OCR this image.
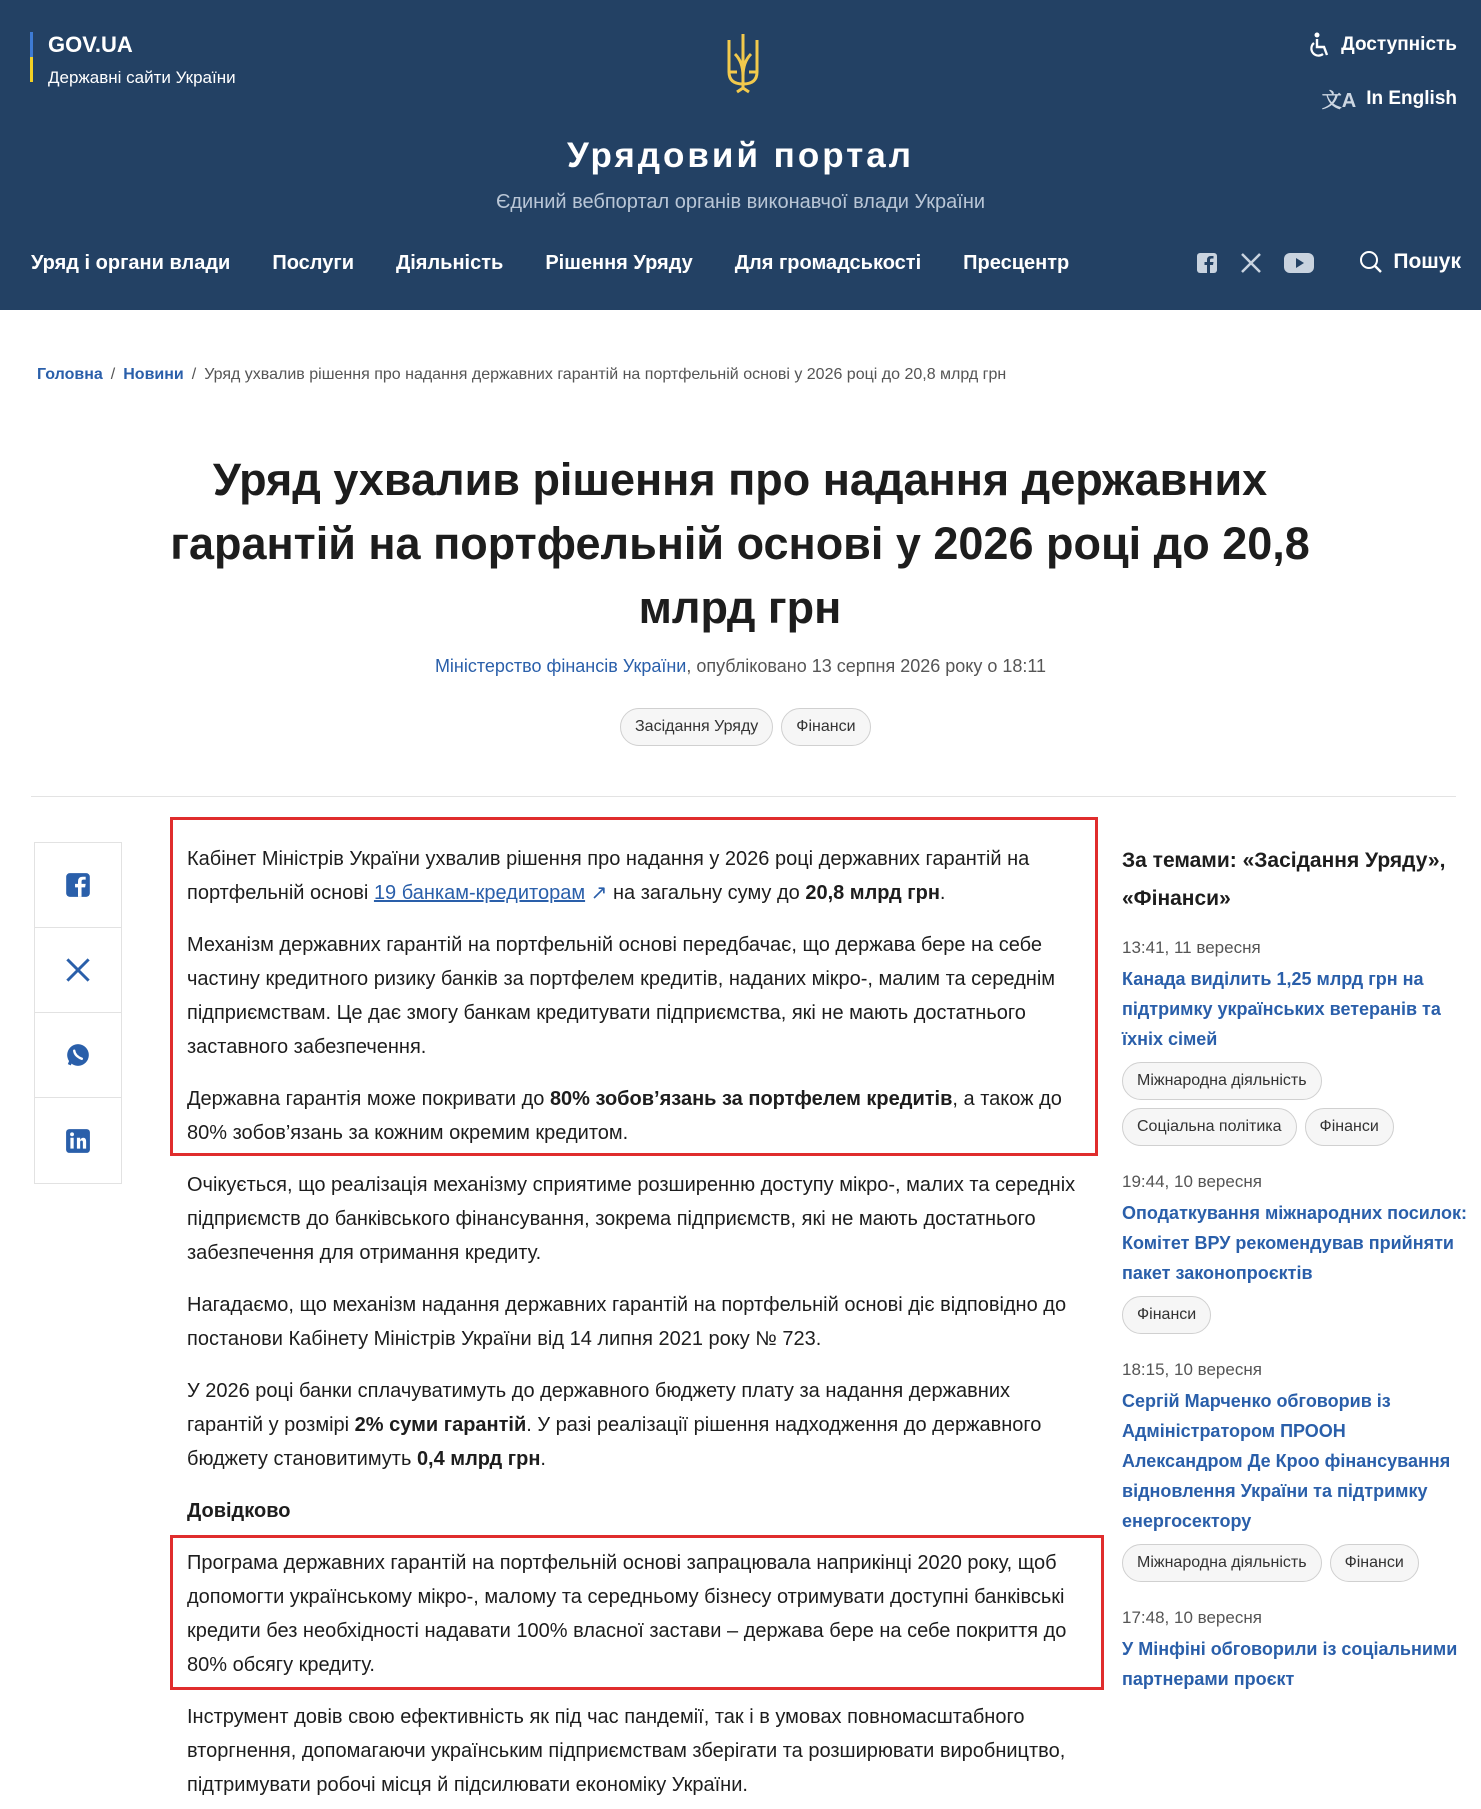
GOV.UA
Державні сайти України
Доступність
文A In English
Урядовий портал
Єдиний вебпортал органів виконавчої влади України
Уряд і органи влади Послуги Діяльність Рішення Уряду Для громадськості Пресцентр	Пошук
Головна / Новини / Уряд ухвалив рішення про надання державних гарантій на портфельній основі у 2026 році до 20,8 млрд грн
Уряд ухвалив рішення про надання державних гарантій на портфельній основі у 2026 році до 20,8 млрд грн
Міністерство фінансів України, опубліковано 13 серпня 2026 року о 18:11
Засідання Уряду	Фінанси

Кабінет Міністрів України ухвалив рішення про надання у 2026 році державних гарантій на портфельній основі 19 банкам-кредиторам ↗ на загальну суму до 20,8 млрд грн.

Механізм державних гарантій на портфельній основі передбачає, що держава бере на себе частину кредитного ризику банків за портфелем кредитів, наданих мікро-, малим та середнім підприємствам. Це дає змогу банкам кредитувати підприємства, які не мають достатнього заставного забезпечення.

Державна гарантія може покривати до 80% зобов’язань за портфелем кредитів, а також до 80% зобов’язань за кожним окремим кредитом.

Очікується, що реалізація механізму сприятиме розширенню доступу мікро-, малих та середніх підприємств до банківського фінансування, зокрема підприємств, які не мають достатнього забезпечення для отримання кредиту.

Нагадаємо, що механізм надання державних гарантій на портфельній основі діє відповідно до постанови Кабінету Міністрів України від 14 липня 2021 року № 723.

У 2026 році банки сплачуватимуть до державного бюджету плату за надання державних гарантій у розмірі 2% суми гарантій. У разі реалізації рішення надходження до державного бюджету становитимуть 0,4 млрд грн.

Довідково

Програма державних гарантій на портфельній основі запрацювала наприкінці 2020 року, щоб допомогти українському мікро-, малому та середньому бізнесу отримувати доступні банківські кредити без необхідності надавати 100% власної застави – держава бере на себе покриття до 80% обсягу кредиту.

Інструмент довів свою ефективність як під час пандемії, так і в умовах повномасштабного вторгнення, допомагаючи українським підприємствам зберігати та розширювати виробництво, підтримувати робочі місця й підсилювати економіку України.

За темами: «Засідання Уряду», «Фінанси»
13:41, 11 вересня
Канада виділить 1,25 млрд грн на підтримку українських ветеранів та їхніх сімей
Міжнародна діяльність
Соціальна політика	Фінанси
19:44, 10 вересня
Оподаткування міжнародних посилок: Комітет ВРУ рекомендував прийняти пакет законопроєктів
Фінанси
18:15, 10 вересня
Сергій Марченко обговорив із Адміністратором ПРООН Александром Де Кроо фінансування відновлення України та підтримку енергосектору
Міжнародна діяльність	Фінанси
17:48, 10 вересня
У Мінфіні обговорили із соціальними партнерами проєкт
